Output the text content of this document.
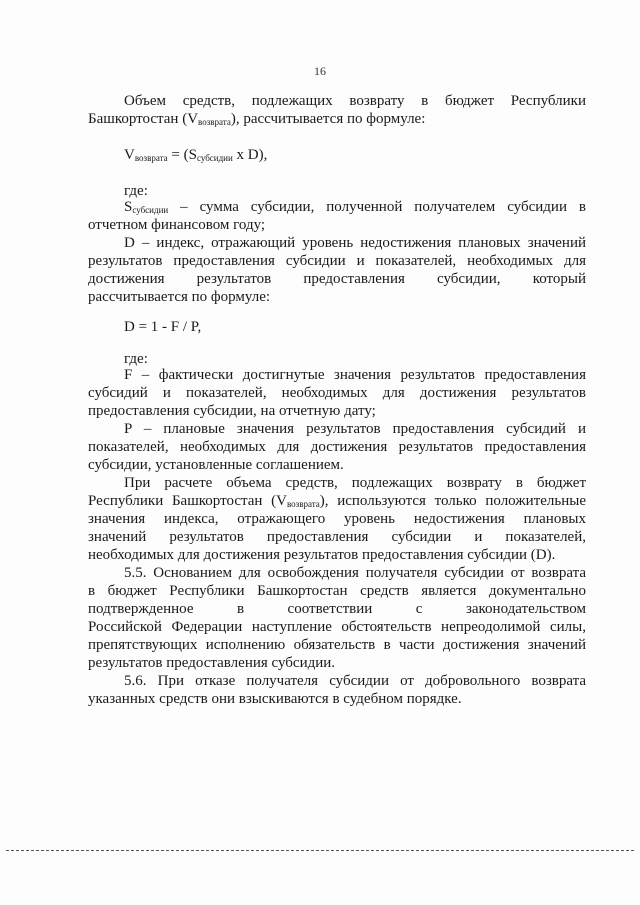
16
Объем средств, подлежащих возврату в бюджет Республики
Башкортостан $(V_{возврата})$, рассчитывается по формуле:
$V_{возврата} = (S_{субсидии}$ x D),
где:
$S_{субсидии}$ – сумма субсидии, полученной получателем субсидии в
отчетном финансовом году;
D – индекс, отражающий уровень недостижения плановых значений
результатов предоставления субсидии и показателей, необходимых для
достижения результатов предоставления субсидии, который
рассчитывается по формуле:
D = 1 - F / P,
где:
F – фактически достигнутые значения результатов предоставления
субсидий и показателей, необходимых для достижения результатов
предоставления субсидии, на отчетную дату;
P – плановые значения результатов предоставления субсидий и
показателей, необходимых для достижения результатов предоставления
субсидии, установленные соглашением.
При расчете объема средств, подлежащих возврату в бюджет
Республики Башкортостан $(V_{возврата})$, используются только положительные
значения индекса, отражающего уровень недостижения плановых
значений результатов предоставления субсидии и показателей,
необходимых для достижения результатов предоставления субсидии (D).
5.5. Основанием для освобождения получателя субсидии от возврата
в бюджет Республики Башкортостан средств является документально
подтвержденное в соответствии с законодательством
Российской Федерации наступление обстоятельств непреодолимой силы,
препятствующих исполнению обязательств в части достижения значений
результатов предоставления субсидии.
5.6. При отказе получателя субсидии от добровольного возврата
указанных средств они взыскиваются в судебном порядке.
